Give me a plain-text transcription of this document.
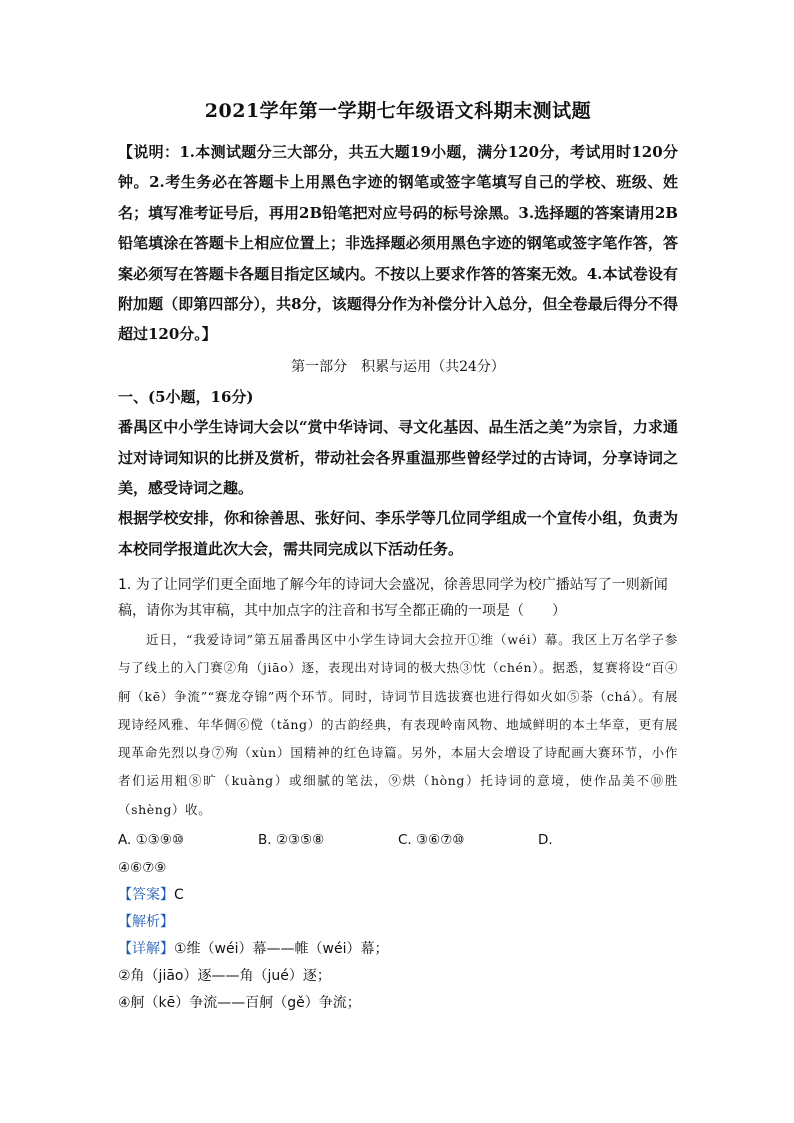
2021学年第一学期七年级语文科期末测试题

【说明：1.本测试题分三大部分，共五大题19小题，满分120分，考试用时120分钟。2.考生务必在答题卡上用黑色字迹的钢笔或签字笔填写自己的学校、班级、姓名；填写准考证号后，再用2B铅笔把对应号码的标号涂黑。3.选择题的答案请用2B铅笔填涂在答题卡上相应位置上；非选择题必须用黑色字迹的钢笔或签字笔作答，答案必须写在答题卡各题目指定区域内。不按以上要求作答的答案无效。4.本试卷设有附加题（即第四部分），共8分，该题得分作为补偿分计入总分，但全卷最后得分不得超过120分。】

第一部分　积累与运用（共24分）

一、(5小题，16分)

番禺区中小学生诗词大会以“赏中华诗词、寻文化基因、品生活之美”为宗旨，力求通过对诗词知识的比拼及赏析，带动社会各界重温那些曾经学过的古诗词，分享诗词之美，感受诗词之趣。

根据学校安排，你和徐善思、张好问、李乐学等几位同学组成一个宣传小组，负责为本校同学报道此次大会，需共同完成以下活动任务。

1. 为了让同学们更全面地了解今年的诗词大会盛况，徐善思同学为校广播站写了一则新闻稿，请你为其审稿，其中加点字的注音和书写全都正确的一项是（　　）

近日，“我爱诗词”第五届番禺区中小学生诗词大会拉开①维（wéi）幕。我区上万名学子参与了线上的入门赛②角（jiāo）逐，表现出对诗词的极大热③忱（chén）。据悉，复赛将设“百④舸（kē）争流”“赛龙夺锦”两个环节。同时，诗词节目选拔赛也进行得如火如⑤荼（chá）。有展现诗经风雅、年华倜⑥傥（tǎng）的古韵经典，有表现岭南风物、地域鲜明的本土华章，更有展现革命先烈以身⑦殉（xùn）国精神的红色诗篇。另外，本届大会增设了诗配画大赛环节，小作者们运用粗⑧旷（kuàng）或细腻的笔法，⑨烘（hòng）托诗词的意境，使作品美不⑩胜（shèng）收。

A. ①③⑨⑩	B. ②③⑤⑧	C. ③⑥⑦⑩	D.
④⑥⑦⑨

【答案】C

【解析】

【详解】①维（wéi）幕——帷（wéi）幕；

②角（jiāo）逐——角（jué）逐；

④舸（kē）争流——百舸（gě）争流；
